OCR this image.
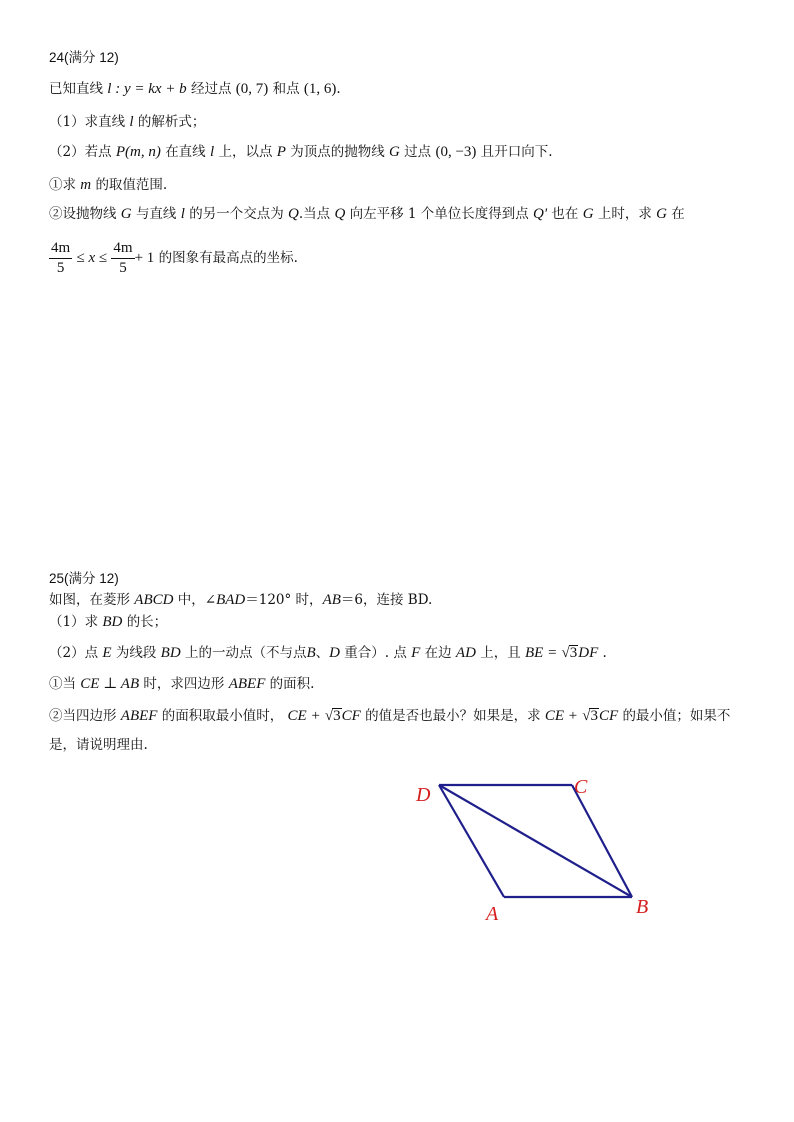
24(满分 12)
已知直线 l : y = kx + b 经过点 (0, 7) 和点 (1, 6).
（1）求直线 l 的解析式；
（2）若点 P(m, n) 在直线 l 上，以点 P 为顶点的抛物线 G 过点 (0, −3) 且开口向下.
①求 m 的取值范围.
②设抛物线 G 与直线 l 的另一个交点为 Q.当点 Q 向左平移 1 个单位长度得到点 Q' 也在 G 上时，求 G 在
$\frac{4m}{5} \le x \le \frac{4m}{5} + 1$ 的图象有最高点的坐标.
25(满分 12)
如图，在菱形 ABCD 中，∠BAD＝120° 时，AB＝6，连接 BD.
（1）求 BD 的长；
（2）点 E 为线段 BD 上的一动点（不与点B、D 重合）. 点 F 在边 AD 上，且 BE = √3DF .
①当 CE ⊥ AB 时，求四边形 ABEF 的面积.
②当四边形 ABEF 的面积取最小值时， CE + √3CF 的值是否也最小？如果是，求 CE + √3CF 的最小值；如果不
是，请说明理由.
D	C
B
A
